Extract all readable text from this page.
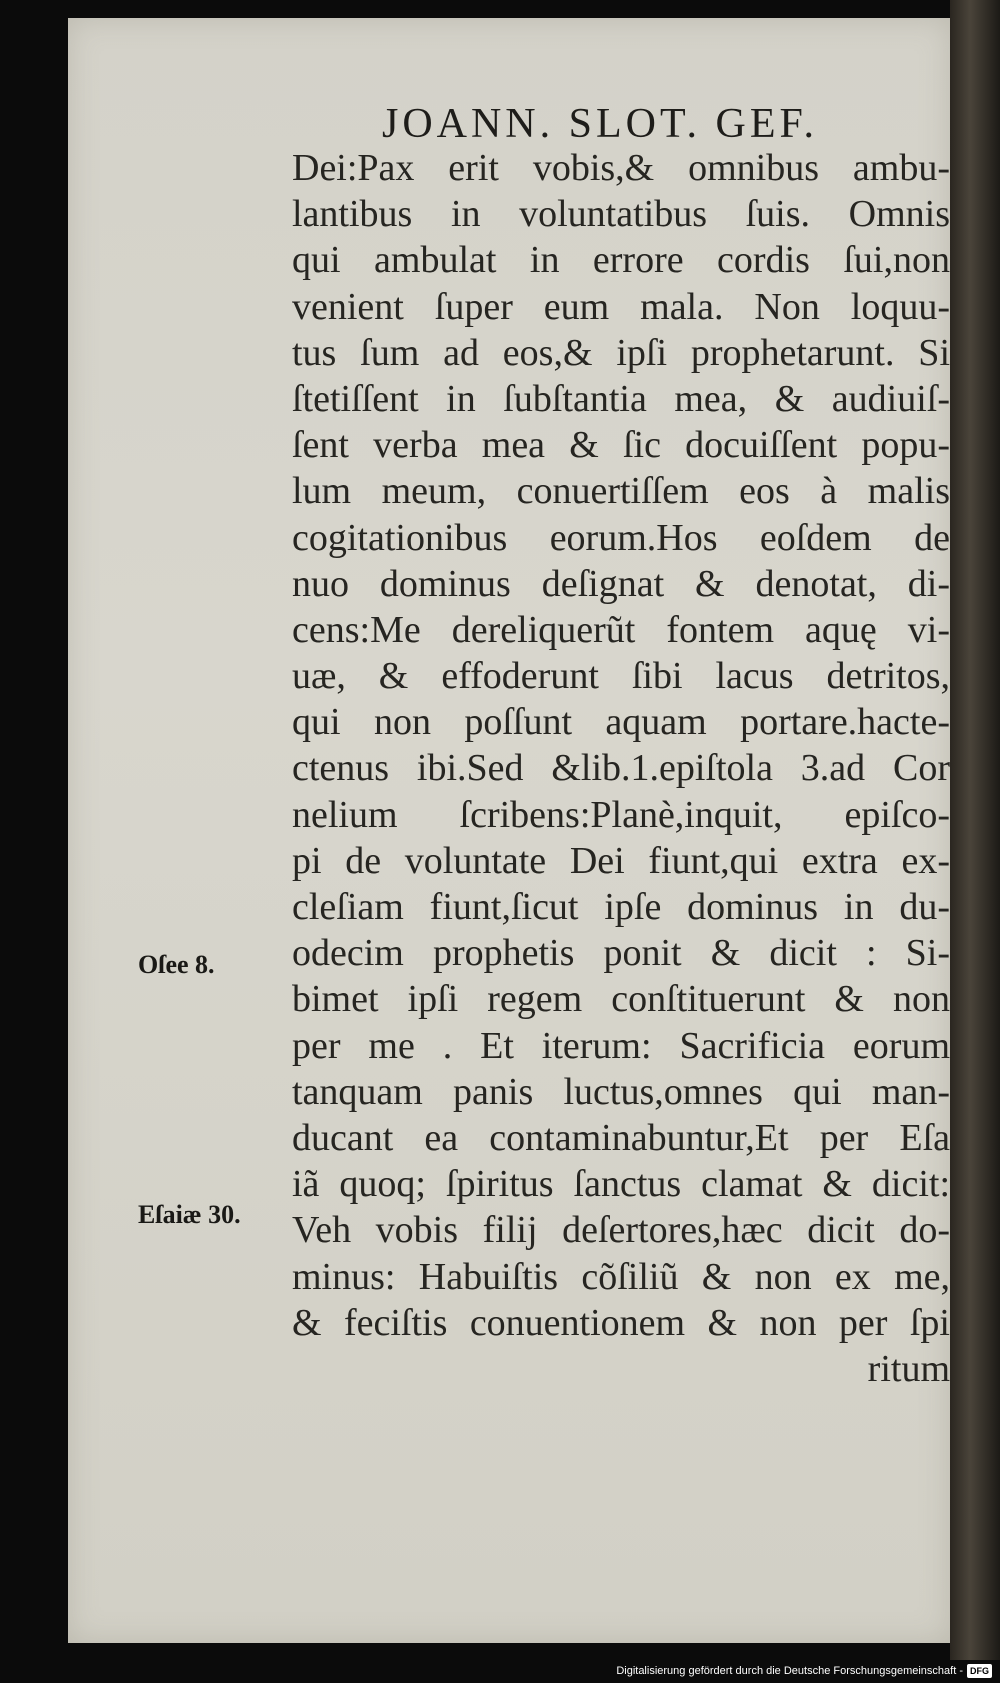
JOANN. SLOT. GEF.
Dei:Pax erit vobis,& omnibus ambu-
lantibus in voluntatibus ſuis. Omnis
qui ambulat in errore cordis ſui,non
venient ſuper eum mala. Non loquu-
tus ſum ad eos,& ipſi prophetarunt. Si
ſtetiſſent in ſubſtantia mea, & audiuiſ-
ſent verba mea & ſic docuiſſent popu-
lum meum, conuertiſſem eos à malis
cogitationibus eorum.Hos eoſdem de
nuo dominus deſignat & denotat, di-
cens:Me dereliquerũt fontem aquę vi-
uæ, & effoderunt ſibi lacus detritos,
qui non poſſunt aquam portare.hacte-
ctenus ibi.Sed &lib.1.epiſtola 3.ad Cor
nelium ſcribens:Planè,inquit, epiſco-
pi de voluntate Dei fiunt,qui extra ex-
cleſiam fiunt,ſicut ipſe dominus in du-
odecim prophetis ponit & dicit : Si-
bimet ipſi regem conſtituerunt & non
per me . Et iterum: Sacrificia eorum
tanquam panis luctus,omnes qui man-
ducant ea contaminabuntur,Et per Eſa
iã quoq; ſpiritus ſanctus clamat & dicit:
Veh vobis filij deſertores,hæc dicit do-
minus: Habuiſtis cõſiliũ & non ex me,
& feciſtis conuentionem & non per ſpi
ritum
Oſee 8.
Eſaiæ 30.
Digitalisierung gefördert durch die Deutsche Forschungsgemeinschaft - DFG
